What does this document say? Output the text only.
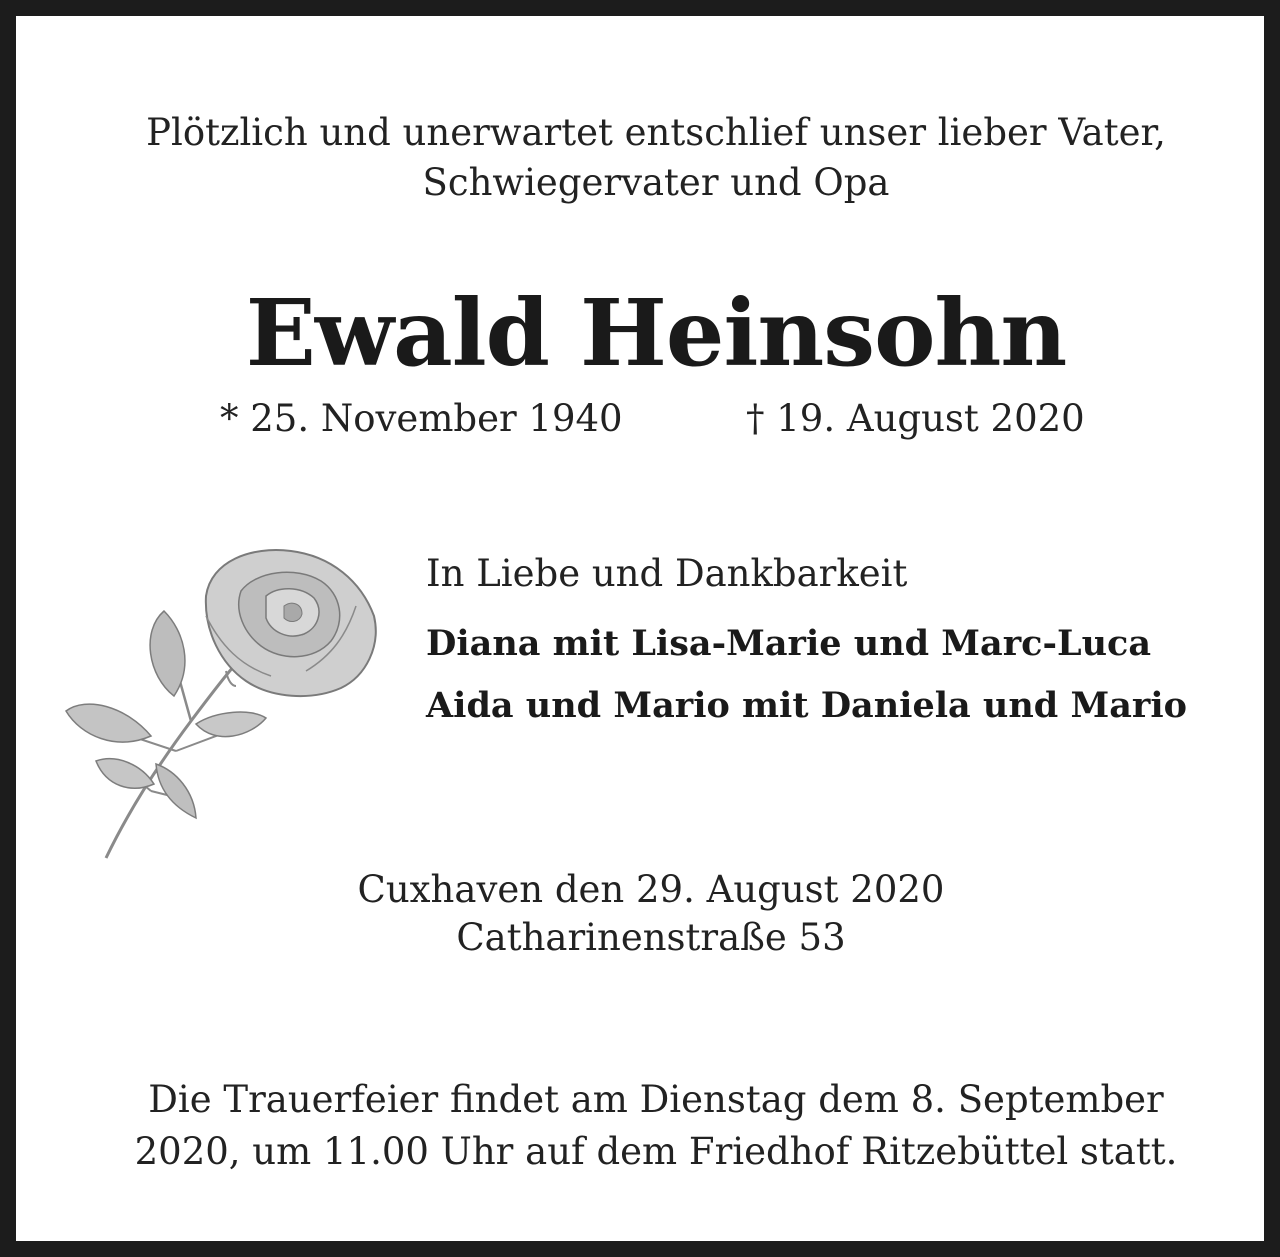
Plötzlich und unerwartet entschlief unser lieber Vater,
Schwiegervater und Opa
Ewald Heinsohn
* 25. November 1940	† 19. August 2020
In Liebe und Dankbarkeit
Diana mit Lisa-Marie und Marc-Luca
Aida und Mario mit Daniela und Mario
Cuxhaven den 29. August 2020
Catharinenstraße 53
Die Trauerfeier findet am Dienstag dem 8. September
2020, um 11.00 Uhr auf dem Friedhof Ritzebüttel statt.
